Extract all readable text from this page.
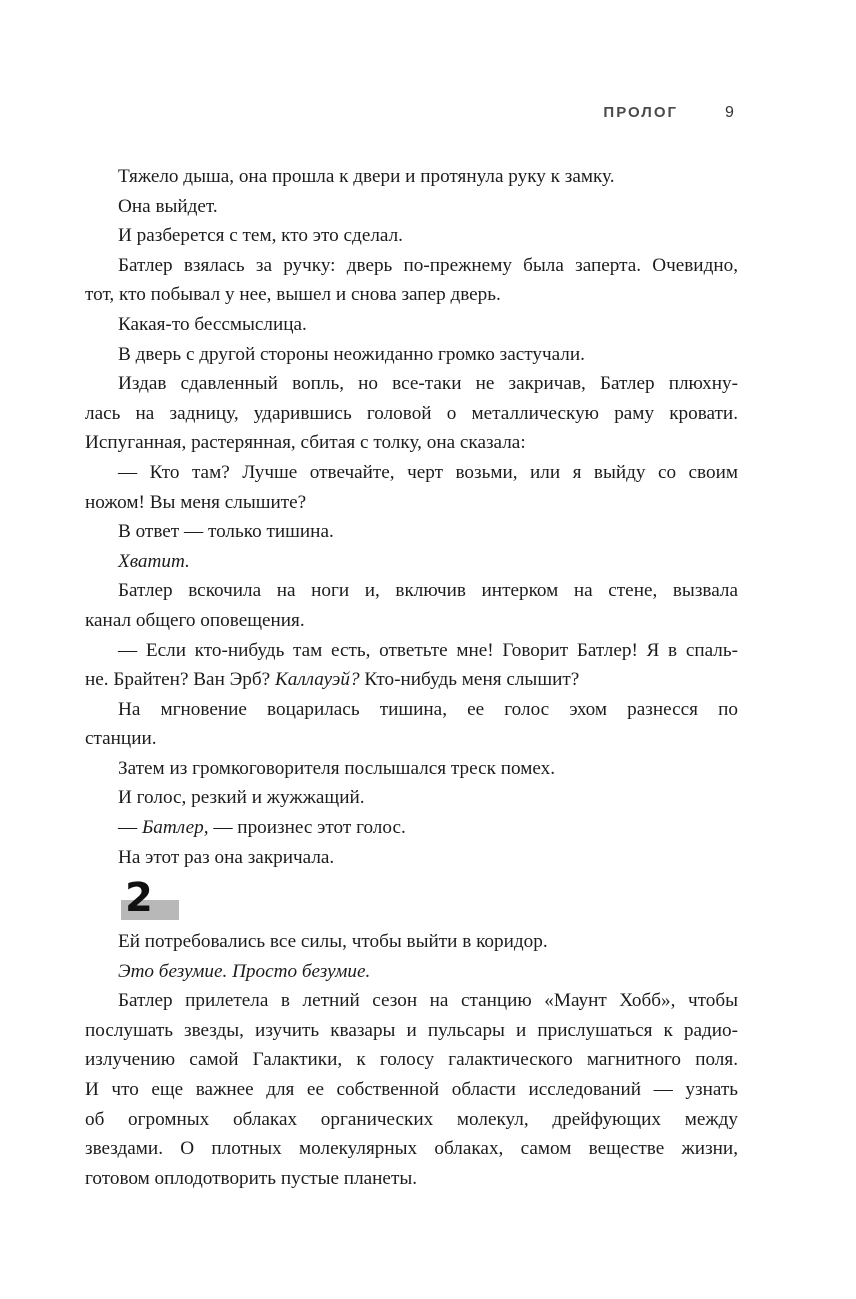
ПРОЛОГ	9
Тяжело дыша, она прошла к двери и протянула руку к замку.
Она выйдет.
И разберется с тем, кто это сделал.
Батлер взялась за ручку: дверь по-прежнему была заперта. Очевидно,
тот, кто побывал у нее, вышел и снова запер дверь.
Какая-то бессмыслица.
В дверь с другой стороны неожиданно громко застучали.
Издав сдавленный вопль, но все-таки не закричав, Батлер плюхну-
лась на задницу, ударившись головой о металлическую раму кровати.
Испуганная, растерянная, сбитая с толку, она сказала:
— Кто там? Лучше отвечайте, черт возьми, или я выйду со своим
ножом! Вы меня слышите?
В ответ — только тишина.
Хватит.
Батлер вскочила на ноги и, включив интерком на стене, вызвала
канал общего оповещения.
— Если кто-нибудь там есть, ответьте мне! Говорит Батлер! Я в спаль-
не. Брайтен? Ван Эрб? Каллауэй? Кто-нибудь меня слышит?
На мгновение воцарилась тишина, ее голос эхом разнесся по
станции.
Затем из громкоговорителя послышался треск помех.
И голос, резкий и жужжащий.
— Батлер, — произнес этот голос.
На этот раз она закричала.
2
Ей потребовались все силы, чтобы выйти в коридор.
Это безумие. Просто безумие.
Батлер прилетела в летний сезон на станцию «Маунт Хобб», чтобы
послушать звезды, изучить квазары и пульсары и прислушаться к радио-
излучению самой Галактики, к голосу галактического магнитного поля.
И что еще важнее для ее собственной области исследований — узнать
об огромных облаках органических молекул, дрейфующих между
звездами. О плотных молекулярных облаках, самом веществе жизни,
готовом оплодотворить пустые планеты.
